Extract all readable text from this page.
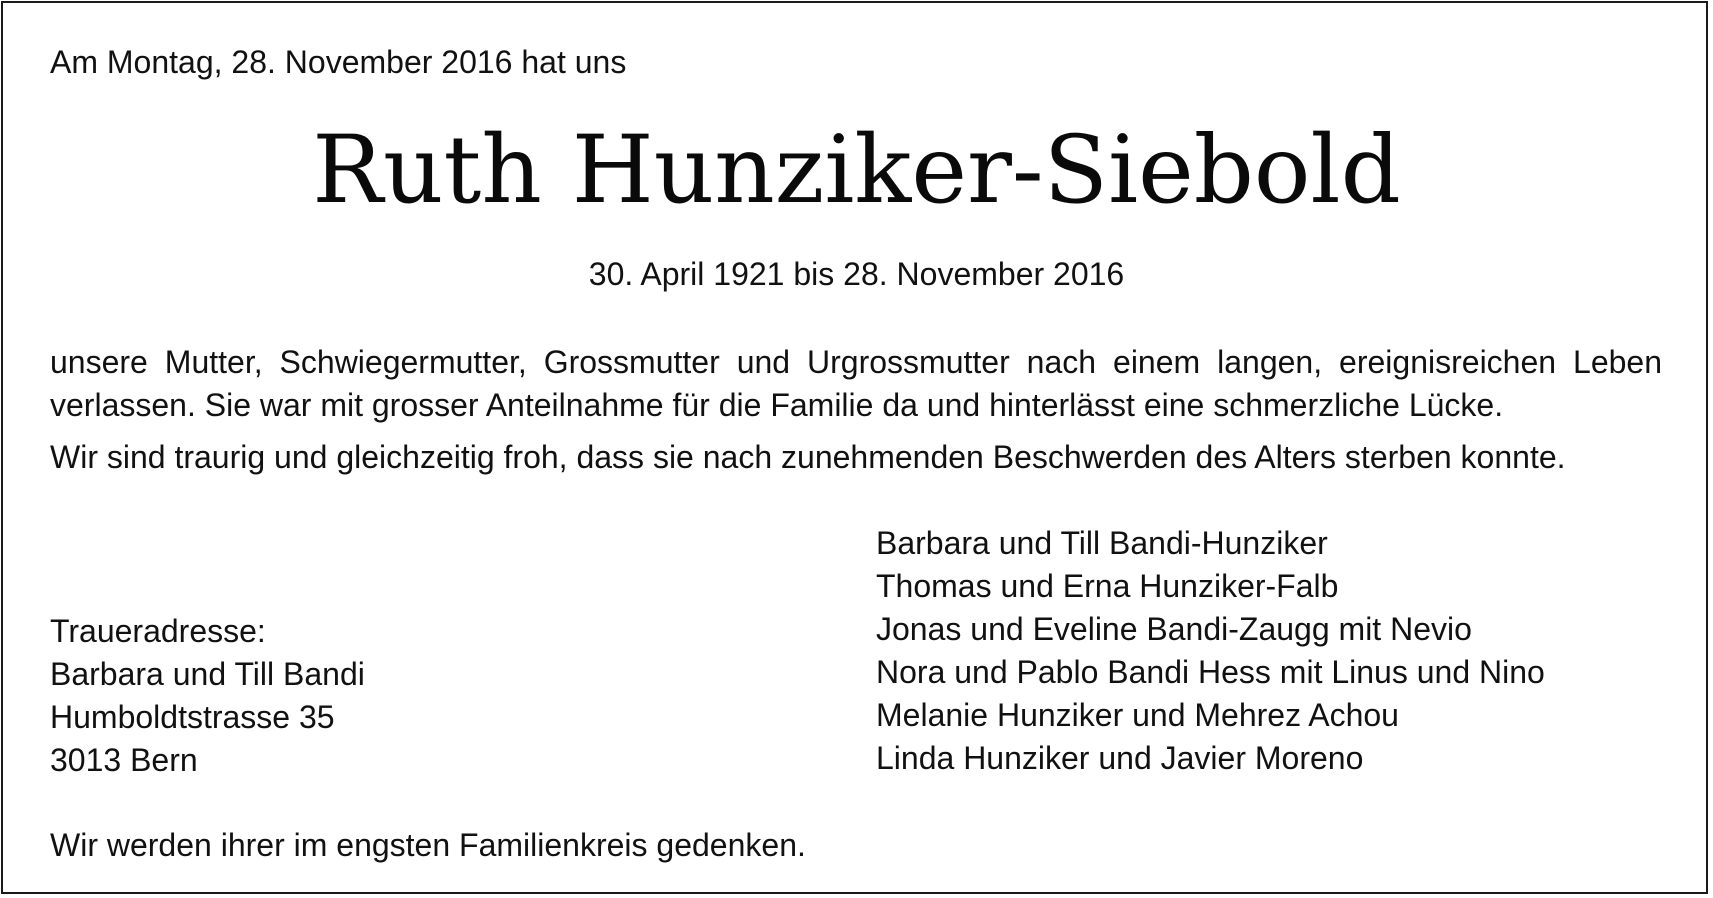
Am Montag, 28. November 2016 hat uns
Ruth Hunziker-Siebold
30. April 1921 bis 28. November 2016
unsere Mutter, Schwiegermutter, Grossmutter und Urgrossmutter nach einem langen, ereignisreichen Leben verlassen. Sie war mit grosser Anteilnahme für die Familie da und hinterlässt eine schmerzliche Lücke.
Wir sind traurig und gleichzeitig froh, dass sie nach zunehmenden Beschwerden des Alters sterben konnte.
Barbara und Till Bandi-Hunziker
Thomas und Erna Hunziker-Falb
Jonas und Eveline Bandi-Zaugg mit Nevio
Nora und Pablo Bandi Hess mit Linus und Nino
Melanie Hunziker und Mehrez Achou
Linda Hunziker und Javier Moreno
Traueradresse:
Barbara und Till Bandi
Humboldtstrasse 35
3013 Bern
Wir werden ihrer im engsten Familienkreis gedenken.
